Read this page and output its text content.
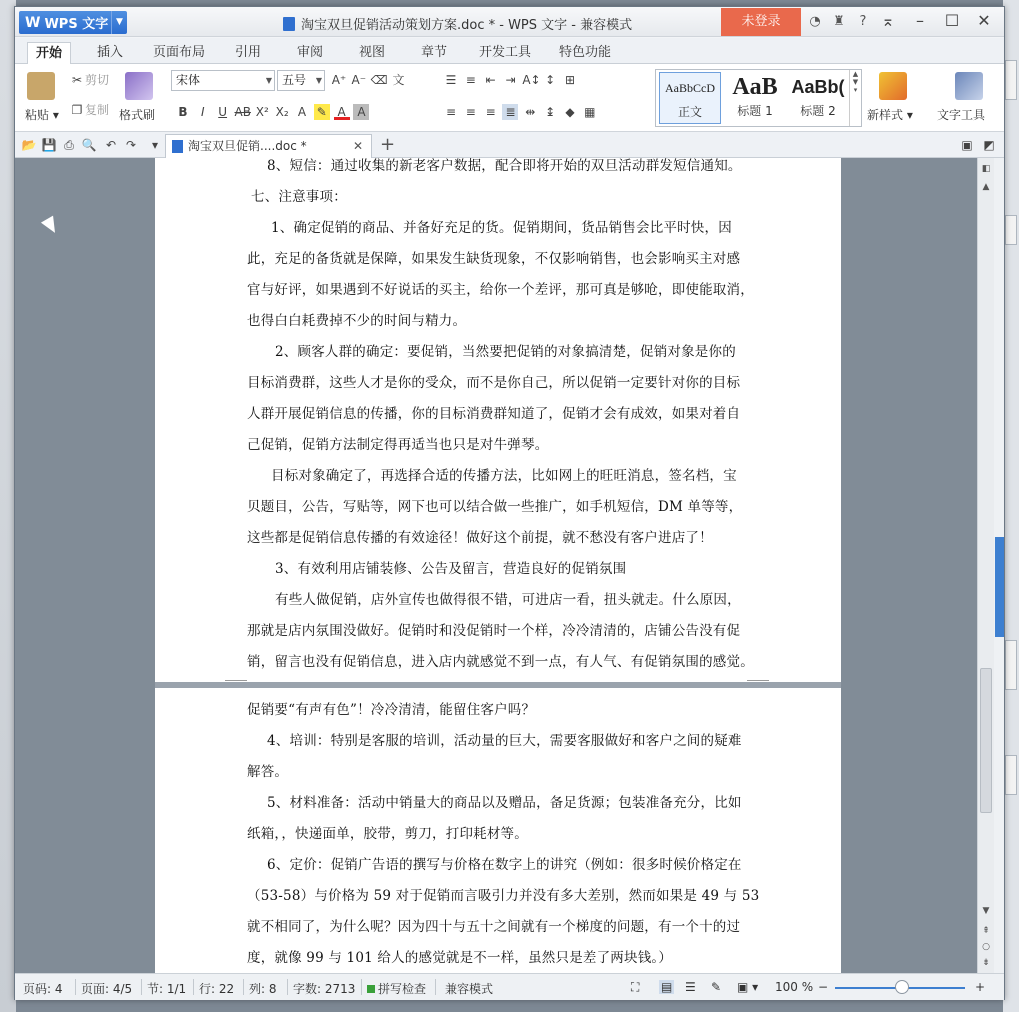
W WPS 文字 ▼	淘宝双旦促销活动策划方案.doc * - WPS 文字 - 兼容模式	未登录	◔ ♜	? ⌅	–	☐	✕
开始	插入	页面布局	引用	审阅	视图	章节	开发工具	特色功能
粘贴 ▾
✂ 剪切
❐ 复制 格式刷
宋体	▼ 五号 ▼ A⁺ A⁻ ⌫ 文
B I U AB X² X₂ A ✎ A A
☰ ≡ ⇤ ⇥ A↕ ↕ ⊞
≡ ≡ ≡ ≣ ⇹ ↨ ◆ ▦
AaBbCcD
正文
AaB
标题 1
AaBb(
标题 2
▲
▼
▾
新样式 ▾ 文字工具
📂 💾 ⎙ 🔍 ↶ ↷	▾	淘宝双旦促销....doc *	✕ +	▣ ◩
8、短信：通过收集的新老客户数据，配合即将开始的双旦活动群发短信通知。
七、注意事项：
1、确定促销的商品、并备好充足的货。促销期间，货品销售会比平时快，因
此，充足的备货就是保障，如果发生缺货现象，不仅影响销售，也会影响买主对感
官与好评，如果遇到不好说话的买主，给你一个差评，那可真是够呛，即使能取消，
也得白白耗费掉不少的时间与精力。
2、顾客人群的确定：要促销，当然要把促销的对象搞清楚，促销对象是你的
目标消费群，这些人才是你的受众，而不是你自己，所以促销一定要针对你的目标
人群开展促销信息的传播，你的目标消费群知道了，促销才会有成效，如果对着自
己促销，促销方法制定得再适当也只是对牛弹琴。
目标对象确定了，再选择合适的传播方法，比如网上的旺旺消息，签名档，宝
贝题目，公告，写贴等，网下也可以结合做一些推广，如手机短信，DM 单等等，
这些都是促销信息传播的有效途径！做好这个前提，就不愁没有客户进店了！
3、有效利用店铺装修、公告及留言，营造良好的促销氛围
有些人做促销，店外宣传也做得很不错，可进店一看，扭头就走。什么原因，
那就是店内氛围没做好。促销时和没促销时一个样，冷冷清清的，店铺公告没有促
销，留言也没有促销信息，进入店内就感觉不到一点，有人气、有促销氛围的感觉。
促销要“有声有色”！冷冷清清，能留住客户吗？
4、培训：特别是客服的培训，活动量的巨大，需要客服做好和客户之间的疑难
解答。
5、材料准备：活动中销量大的商品以及赠品，备足货源；包装准备充分，比如
纸箱，，快递面单，胶带，剪刀，打印耗材等。
6、定价：促销广告语的撰写与价格在数字上的讲究（例如：很多时候价格定在
（53-58）与价格为 59 对于促销而言吸引力并没有多大差别，然而如果是 49 与 53
就不相同了，为什么呢？因为四十与五十之间就有一个梯度的问题，有一个十的过
度，就像 99 与 101 给人的感觉就是不一样，虽然只是差了两块钱。）
◧
▲
▼
⇞
○
⇟
页码: 4 页面: 4/5 节: 1/1 行: 22 列: 8 字数: 2713	拼写检查 兼容模式	⛶ ▤ ☰ ✎ ▣ ▾ 100 % −	+
